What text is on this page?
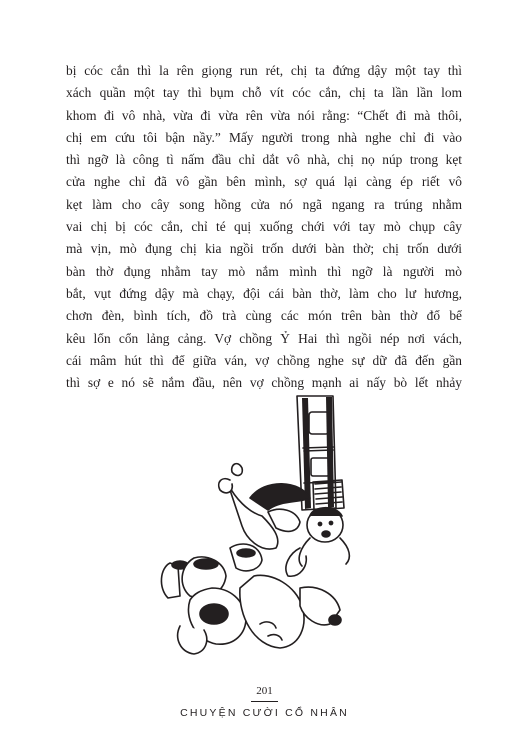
bị cóc cắn thì la rên giọng run rét, chị ta đứng dậy một tay thì
xách quần một tay thì bụm chỗ vít cóc cắn, chị ta lần lần lom
khom đi vô nhà, vừa đi vừa rên vừa nói rằng: “Chết đi mà thôi,
chị em cứu tôi bận nầy.” Mấy người trong nhà nghe chỉ đi vào
thì ngỡ là công tì nấm đầu chỉ dắt vô nhà, chị nọ núp trong kẹt
cửa nghe chỉ đã vô gần bên mình, sợ quá lại càng ép riết vô
kẹt làm cho cây song hồng cửa nó ngã ngang ra trúng nhằm
vai chị bị cóc cắn, chỉ té quị xuống chới với tay mò chụp cây
mà vịn, mò đụng chị kia ngồi trốn dưới bàn thờ; chị trốn dưới
bàn thờ đụng nhằm tay mò nắm mình thì ngỡ là người mò
bắt, vụt đứng dậy mà chạy, đội cái bàn thờ, làm cho lư hương,
chơn đèn, bình tích, đồ trà cùng các món trên bàn thờ đổ bể
kêu lổn cổn lảng cảng. Vợ chồng Ỷ Hai thì ngồi nép nơi vách,
cái mâm hút thì để giữa ván, vợ chồng nghe sự dữ đã đến gần
thì sợ e nó sẽ nắm đầu, nên vợ chồng mạnh ai nấy bò lết nhảy
201
CHUYỆN CƯỜI CỔ NHÂN
